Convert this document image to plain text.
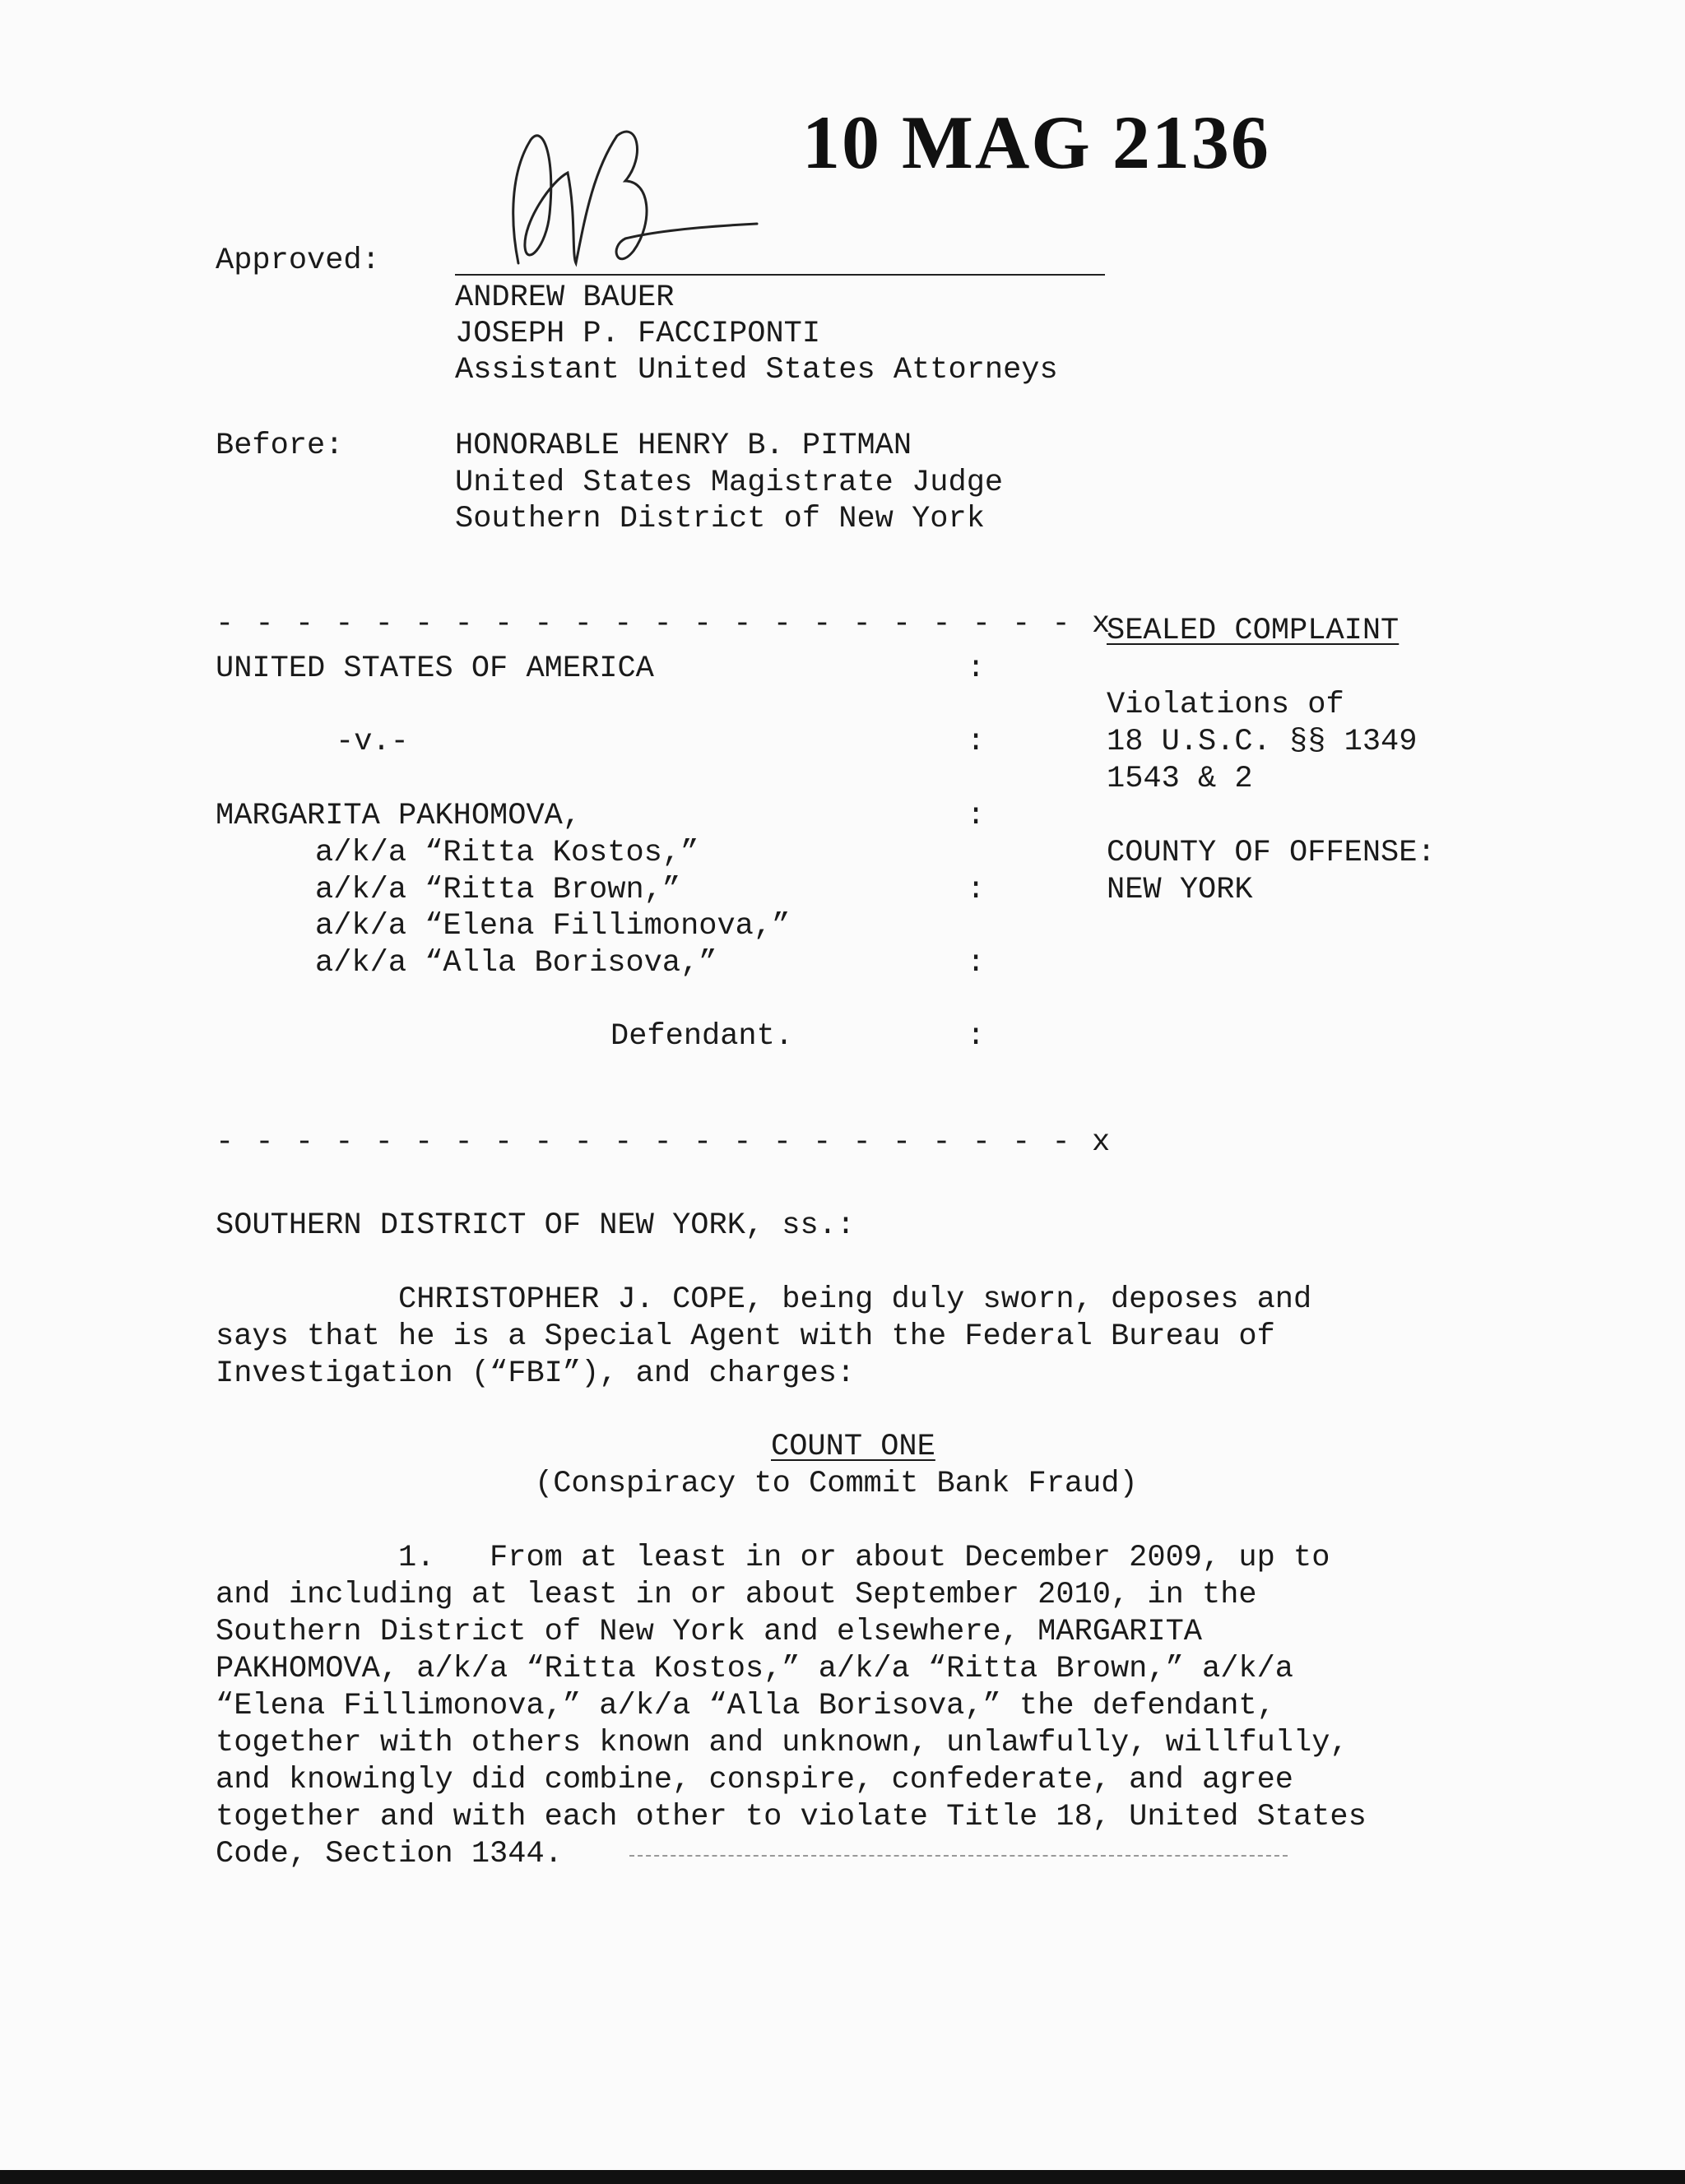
10 MAG 2136

Approved:

ANDREW BAUER

JOSEPH P. FACCIPONTI

Assistant United States Attorneys

Before:	HONORABLE HENRY B. PITMAN

United States Magistrate Judge

Southern District of New York

- - - - - - - - - - - - - - - - - - - - - - x

UNITED STATES OF AMERICA	:

-v.-	:

MARGARITA PAKHOMOVA,	:

a/k/a “Ritta Kostos,”

a/k/a “Ritta Brown,”	:

a/k/a “Elena Fillimonova,”

a/k/a “Alla Borisova,”	:

Defendant.	:

- - - - - - - - - - - - - - - - - - - - - - x

SEALED COMPLAINT

Violations of

18 U.S.C. §§ 1349

1543 & 2

COUNTY OF OFFENSE:

NEW YORK

SOUTHERN DISTRICT OF NEW YORK, ss.:

CHRISTOPHER J. COPE, being duly sworn, deposes and

says that he is a Special Agent with the Federal Bureau of

Investigation (“FBI”), and charges:

COUNT ONE

(Conspiracy to Commit Bank Fraud)

1.   From at least in or about December 2009, up to

and including at least in or about September 2010, in the

Southern District of New York and elsewhere, MARGARITA

PAKHOMOVA, a/k/a “Ritta Kostos,” a/k/a “Ritta Brown,” a/k/a

“Elena Fillimonova,” a/k/a “Alla Borisova,” the defendant,

together with others known and unknown, unlawfully, willfully,

and knowingly did combine, conspire, confederate, and agree

together and with each other to violate Title 18, United States

Code, Section 1344.
